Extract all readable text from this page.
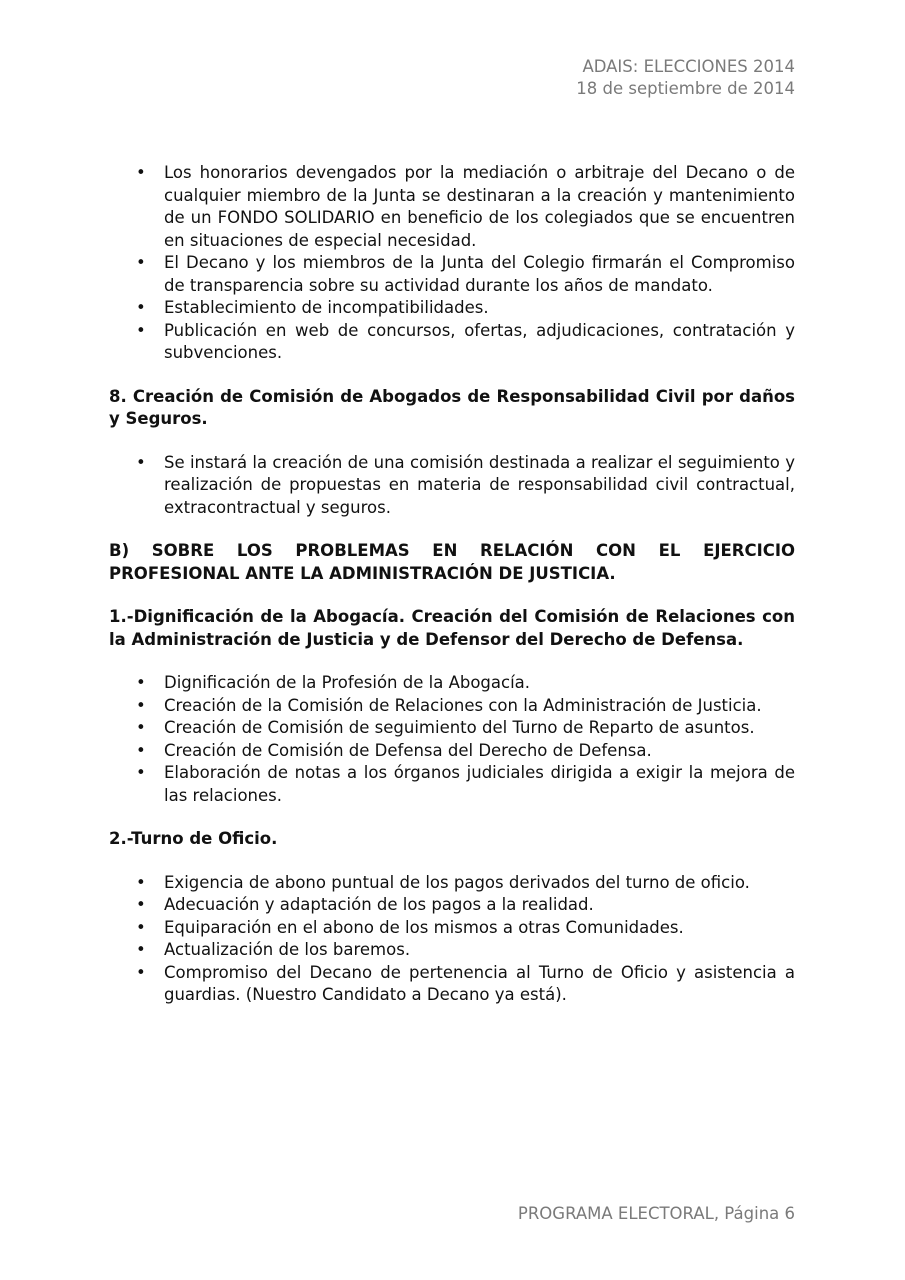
ADAIS: ELECCIONES 2014
18 de septiembre de 2014
• Los honorarios devengados por la mediación o arbitraje del Decano o de cualquier miembro de la Junta se destinaran a la creación y mantenimiento de un FONDO SOLIDARIO en beneficio de los colegiados que se encuentren en situaciones de especial necesidad.
• El Decano y los miembros de la Junta del Colegio firmarán el Compromiso de transparencia sobre su actividad durante los años de mandato.
• Establecimiento de incompatibilidades.
• Publicación en web de concursos, ofertas, adjudicaciones, contratación y subvenciones.
8. Creación de Comisión de Abogados de Responsabilidad Civil por daños y Seguros.
• Se instará la creación de una comisión destinada a realizar el seguimiento y realización de propuestas en materia de responsabilidad civil contractual, extracontractual y seguros.
B) SOBRE LOS PROBLEMAS EN RELACIÓN CON EL EJERCICIO PROFESIONAL ANTE LA ADMINISTRACIÓN DE JUSTICIA.
1.-Dignificación de la Abogacía. Creación del Comisión de Relaciones con la Administración de Justicia y de Defensor del Derecho de Defensa.
• Dignificación de la Profesión de la Abogacía.
• Creación de la Comisión de Relaciones con la Administración de Justicia.
• Creación de Comisión de seguimiento del Turno de Reparto de asuntos.
• Creación de Comisión de Defensa del Derecho de Defensa.
• Elaboración de notas a los órganos judiciales dirigida a exigir la mejora de las relaciones.
2.-Turno de Oficio.
• Exigencia de abono puntual de los pagos derivados del turno de oficio.
• Adecuación y adaptación de los pagos a la realidad.
• Equiparación en el abono de los mismos a otras Comunidades.
• Actualización de los baremos.
• Compromiso del Decano de pertenencia al Turno de Oficio y asistencia a guardias. (Nuestro Candidato a Decano ya está).
PROGRAMA ELECTORAL, Página 6
